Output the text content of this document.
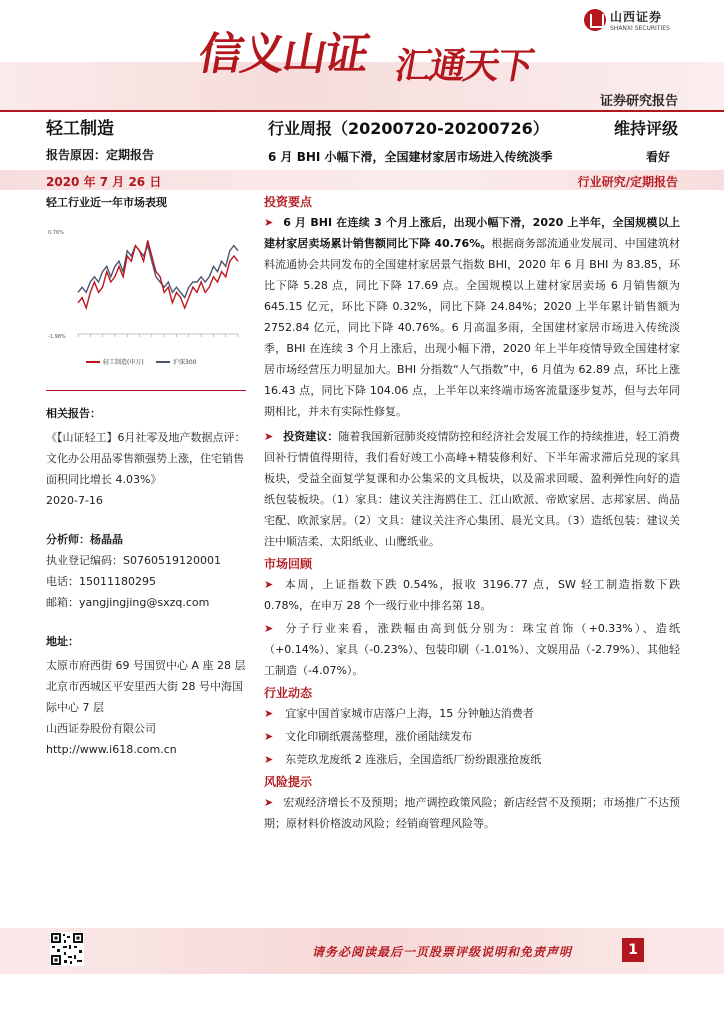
信义山证 汇通天下
山西证券
SHANXI SECURITIES
证券研究报告
轻工制造	行业周报（20200720-20200726）	维持评级
报告原因：定期报告	6 月 BHI 小幅下滑，全国建材家居市场进入传统淡季	看好
2020 年 7 月 26 日	行业研究/定期报告
轻工行业近一年市场表现
0.76%
-1.98%
轻工制造(申万)	沪深300
相关报告：
《【山证轻工】6月社零及地产数据点评：文化办公用品零售额强势上涨，住宅销售面积同比增长 4.03%》
2020-7-16
分析师：杨晶晶
执业登记编码：S0760519120001
电话：15011180295
邮箱：yangjingjing@sxzq.com
地址：
太原市府西街 69 号国贸中心 A 座 28 层
北京市西城区平安里西大街 28 号中海国际中心 7 层
山西证券股份有限公司
http://www.i618.com.cn
投资要点
➤ 6 月 BHI 在连续 3 个月上涨后，出现小幅下滑，2020 上半年，全国规模以上建材家居卖场累计销售额同比下降 40.76%。根据商务部流通业发展司、中国建筑材料流通协会共同发布的全国建材家居景气指数 BHI，2020 年 6 月 BHI 为 83.85，环比下降 5.28 点，同比下降 17.69 点。全国规模以上建材家居卖场 6 月销售额为 645.15 亿元，环比下降 0.32%，同比下降 24.84%；2020 上半年累计销售额为 2752.84 亿元，同比下降 40.76%。6 月高温多雨，全国建材家居市场进入传统淡季，BHI 在连续 3 个月上涨后，出现小幅下滑，2020 年上半年疫情导致全国建材家居市场经营压力明显加大。BHI 分指数“人气指数”中，6 月值为 62.89 点，环比上涨 16.43 点，同比下降 104.06 点，上半年以来终端市场客流量逐步复苏，但与去年同期相比，并未有实际性修复。
➤ 投资建议：随着我国新冠肺炎疫情防控和经济社会发展工作的持续推进，轻工消费回补行情值得期待，我们看好竣工小高峰+精装修利好、下半年需求滞后兑现的家具板块，受益全面复学复课和办公集采的文具板块，以及需求回暖、盈利弹性向好的造纸包装板块。（1）家具：建议关注海鸥住工、江山欧派、帝欧家居、志邦家居、尚品宅配、欧派家居。（2）文具：建议关注齐心集团、晨光文具。（3）造纸包装：建议关注中顺洁柔、太阳纸业、山鹰纸业。
市场回顾
➤ 本周，上证指数下跌 0.54%，报收 3196.77 点，SW 轻工制造指数下跌 0.78%，在申万 28 个一级行业中排名第 18。
➤ 分子行业来看，涨跌幅由高到低分别为：珠宝首饰（+0.33%）、造纸（+0.14%）、家具（-0.23%）、包装印刷（-1.01%）、文娱用品（-2.79%）、其他轻工制造（-4.07%）。
行业动态
➤ 宜家中国首家城市店落户上海，15 分钟触达消费者
➤ 文化印刷纸震荡整理，涨价函陆续发布
➤ 东莞玖龙废纸 2 连涨后，全国造纸厂纷纷跟涨抢废纸
风险提示
➤ 宏观经济增长不及预期；地产调控政策风险；新店经营不及预期；市场推广不达预期；原材料价格波动风险；经销商管理风险等。
请务必阅读最后一页股票评级说明和免责声明	1
